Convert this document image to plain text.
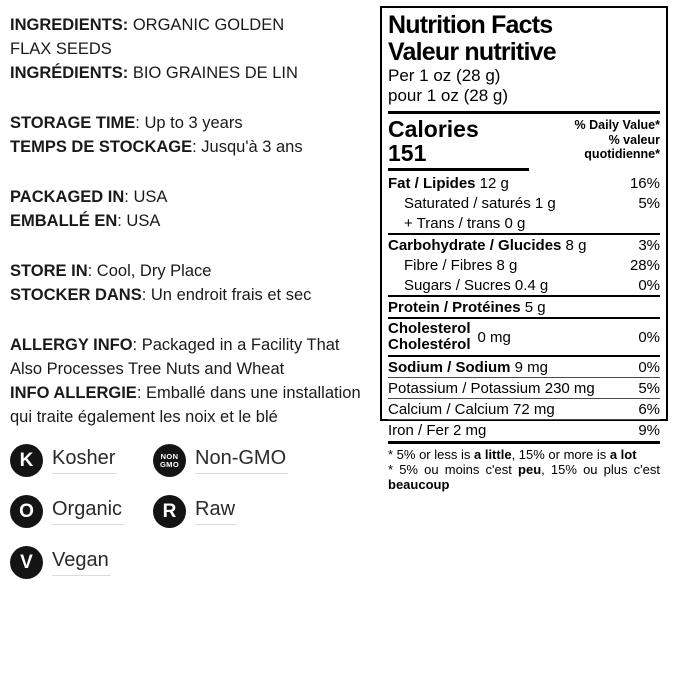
INGREDIENTS: ORGANIC GOLDEN
FLAX SEEDS
INGRÉDIENTS: BIO GRAINES DE LIN
STORAGE TIME: Up to 3 years
TEMPS DE STOCKAGE: Jusqu'à 3 ans
PACKAGED IN: USA
EMBALLÉ EN: USA
STORE IN: Cool, Dry Place
STOCKER DANS: Un endroit frais et sec
ALLERGY INFO: Packaged in a Facility That
Also Processes Tree Nuts and Wheat
INFO ALLERGIE: Emballé dans une installation
qui traite également les noix et le blé
K Kosher	NON
GMO Non-GMO
O Organic R Raw
V Vegan
Nutrition Facts
Valeur nutritive
Per 1 oz (28 g)
pour 1 oz (28 g)
Calories 151
% Daily Value*
% valeur quotidienne*
Fat / Lipides 12 g	16%
Saturated / saturés 1 g	5%
+ Trans / trans 0 g
Carbohydrate / Glucides 8 g	3%
Fibre / Fibres 8 g	28%
Sugars / Sucres 0.4 g	0%
Protein / Protéines 5 g
Cholesterol
Cholestérol 0 mg	0%
Sodium / Sodium 9 mg	0%
Potassium / Potassium 230 mg	5%
Calcium / Calcium 72 mg	6%
Iron / Fer 2 mg	9%
* 5% or less is a little, 15% or more is a lot
* 5% ou moins c'est peu, 15% ou plus c'est beaucoup
